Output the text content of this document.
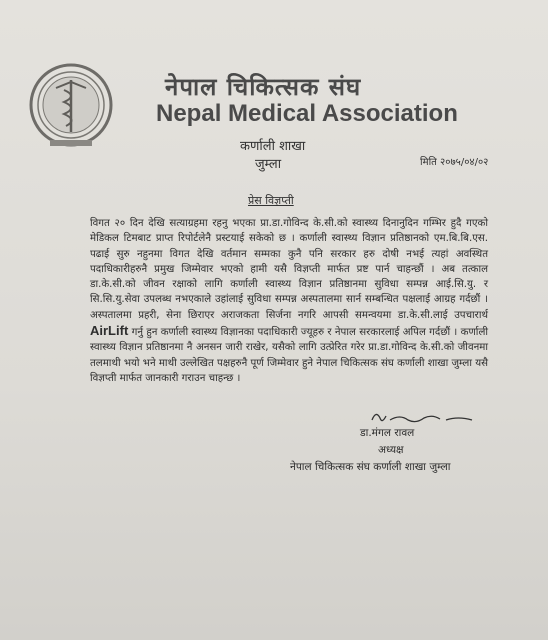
नेपाल चिकित्सक संघ
Nepal Medical Association
कर्णाली शाखा
जुम्ला	मिति २०७५/०४/०२
प्रेस विज्ञप्ती
विगत २० दिन देखि सत्याग्रहमा रहनु भएका प्रा.डा.गोविन्द के.सी.को स्वास्थ्य दिनानुदिन गम्भिर हुदै गएको मेडिकल टिमबाट प्राप्त रिपोर्टलेनै प्रस्टयाई सकेको छ । कर्णाली स्वास्थ्य विज्ञान प्रतिष्ठानको एम.बि.बि.एस. पढाई सुरु नहुनमा विगत देखि वर्तमान सम्मका कुनै पनि सरकार हरु दोषी नभई त्यहां अवस्थित पदाधिकारीहरुनै प्रमुख जिम्मेवार भएको हामी यसै विज्ञप्ती मार्फत प्रष्ट पार्न चाहन्छौं । अब तत्काल डा.के.सी.को जीवन रक्षाको लागि कर्णाली स्वास्थ्य विज्ञान प्रतिष्ठानमा सुविधा सम्पन्न आई.सि.यु. र सि.सि.यु.सेवा उपलब्ध नभएकाले उहांलाई सुविधा सम्पन्न अस्पतालमा सार्न सम्बन्धित पक्षलाई आग्रह गर्दछौं । अस्पतालमा प्रहरी, सेना छिराएर अराजकता सिर्जना नगरि आपसी समन्वयमा डा.के.सी.लाई उपचारार्थ AirLift गर्नु हुन कर्णाली स्वास्थ्य विज्ञानका पदाधिकारी ज्यूहरु र नेपाल सरकारलाई अपिल गर्दछौं । कर्णाली स्वास्थ्य विज्ञान प्रतिष्ठानमा नै अनसन जारी राखेर, यसैको लागि उत्प्रेरित गरेर प्रा.डा.गोविन्द के.सी.को जीवनमा तलमाथी भयो भने माथी उल्लेखित पक्षहरुनै पूर्ण जिम्मेवार हुने नेपाल चिकित्सक संघ कर्णाली शाखा जुम्ला यसै विज्ञप्ती मार्फत जानकारी गराउन चाहन्छ ।
डा.मंगल रावल
अध्यक्ष
नेपाल चिकित्सक संघ कर्णाली शाखा जुम्ला
